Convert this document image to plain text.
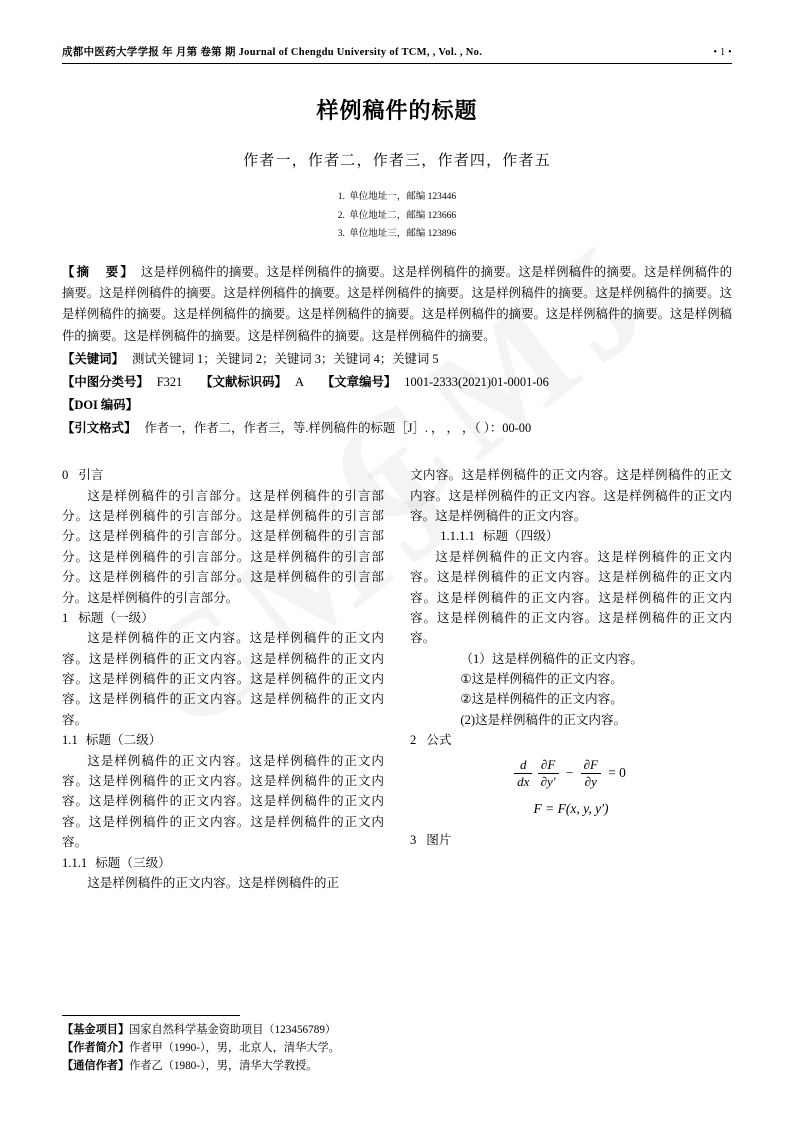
成都中医药大学学报 年 月第 卷第 期 Journal of Chengdu University of TCM, , Vol. , No.	• 1 •
样例稿件的标题
作者一，作者二，作者三，作者四，作者五
1. 单位地址一，邮编 123446
2. 单位地址二，邮编 123666
3. 单位地址三，邮编 123896

【摘　要】 这是样例稿件的摘要。这是样例稿件的摘要。这是样例稿件的摘要。这是样例稿件的摘要。这是样例稿件的摘要。这是样例稿件的摘要。这是样例稿件的摘要。这是样例稿件的摘要。这是样例稿件的摘要。这是样例稿件的摘要。这是样例稿件的摘要。这是样例稿件的摘要。这是样例稿件的摘要。这是样例稿件的摘要。这是样例稿件的摘要。这是样例稿件的摘要。这是样例稿件的摘要。这是样例稿件的摘要。这是样例稿件的摘要。

【关键词】 测试关键词 1；关键词 2；关键词 3；关键词 4；关键词 5
【中图分类号】 F321 【文献标识码】 A 【文章编号】 1001-2333(2021)01-0001-06
【DOI 编码】
【引文格式】 作者一，作者二，作者三，等.样例稿件的标题［J］. ， ， ，（ ）：00-00

0 引言

这是样例稿件的引言部分。这是样例稿件的引言部分。这是样例稿件的引言部分。这是样例稿件的引言部分。这是样例稿件的引言部分。这是样例稿件的引言部分。这是样例稿件的引言部分。这是样例稿件的引言部分。这是样例稿件的引言部分。这是样例稿件的引言部分。这是样例稿件的引言部分。

1 标题（一级）

这是样例稿件的正文内容。这是样例稿件的正文内容。这是样例稿件的正文内容。这是样例稿件的正文内容。这是样例稿件的正文内容。这是样例稿件的正文内容。这是样例稿件的正文内容。这是样例稿件的正文内容。

1.1 标题（二级）

这是样例稿件的正文内容。这是样例稿件的正文内容。这是样例稿件的正文内容。这是样例稿件的正文内容。这是样例稿件的正文内容。这是样例稿件的正文内容。这是样例稿件的正文内容。这是样例稿件的正文内容。

1.1.1 标题（三级）

这是样例稿件的正文内容。这是样例稿件的正

文内容。这是样例稿件的正文内容。这是样例稿件的正文内容。这是样例稿件的正文内容。这是样例稿件的正文内容。这是样例稿件的正文内容。

1.1.1.1 标题（四级）

这是样例稿件的正文内容。这是样例稿件的正文内容。这是样例稿件的正文内容。这是样例稿件的正文内容。这是样例稿件的正文内容。这是样例稿件的正文内容。这是样例稿件的正文内容。这是样例稿件的正文内容。

（1）这是样例稿件的正文内容。

①这是样例稿件的正文内容。

②这是样例稿件的正文内容。

(2)这是样例稿件的正文内容。

2 公式

$\frac{d}{dx}$
$\frac{\partial F}{\partial y'} - \frac{\partial F}{\partial y} = 0$
F = F(x, y, y′)

3 图片

【基金项目】国家自然科学基金资助项目（123456789）

【作者简介】作者甲（1990-），男，北京人，清华大学。

【通信作者】作者乙（1980-），男，清华大学教授。
